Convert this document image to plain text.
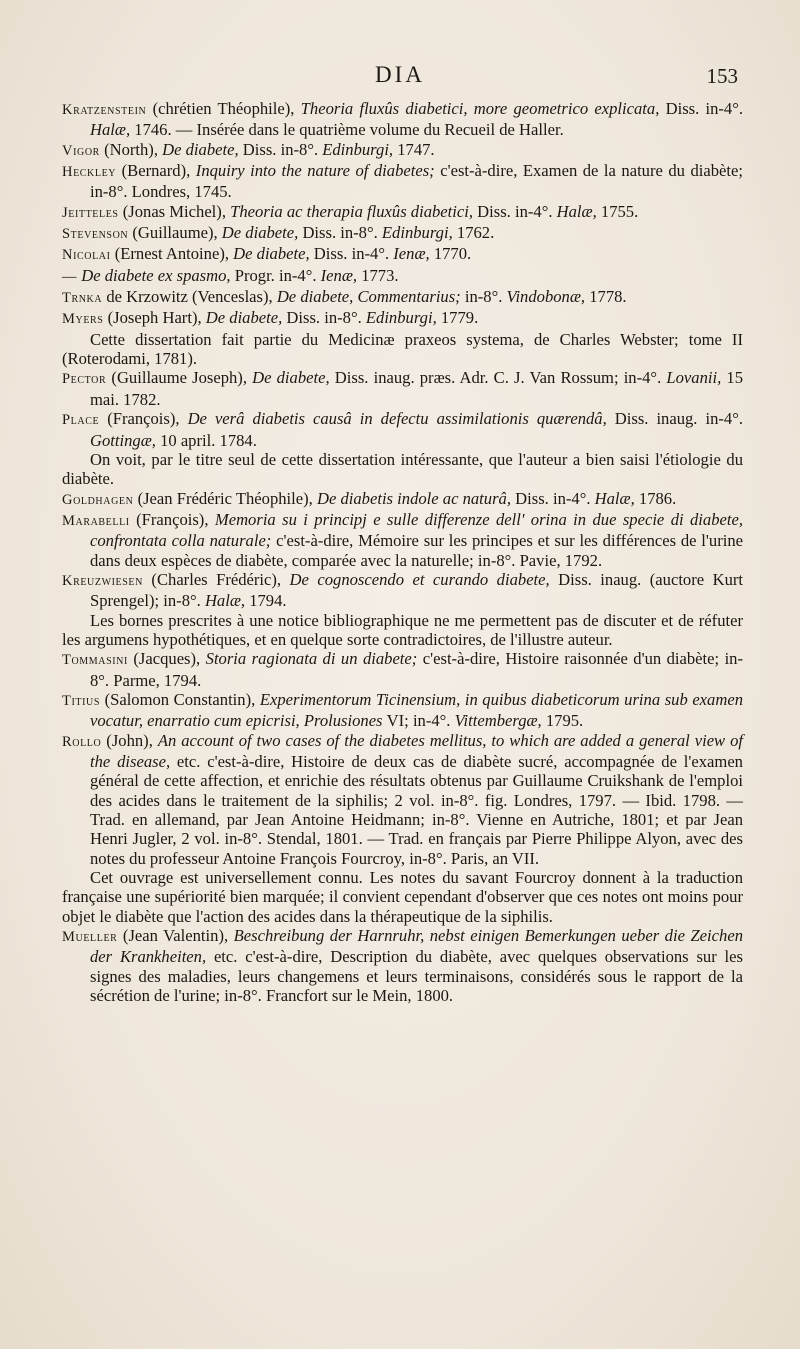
DIA	153

Kratzenstein (chrétien Théophile), Theoria fluxûs diabetici, more geometrico explicata, Diss. in-4°. Halæ, 1746. — Insérée dans le quatrième volume du Recueil de Haller.

Vigor (North), De diabete, Diss. in-8°. Edinburgi, 1747.

Heckley (Bernard), Inquiry into the nature of diabetes; c'est-à-dire, Examen de la nature du diabète; in-8°. Londres, 1745.

Jeitteles (Jonas Michel), Theoria ac therapia fluxûs diabetici, Diss. in-4°. Halæ, 1755.

Stevenson (Guillaume), De diabete, Diss. in-8°. Edinburgi, 1762.

Nicolai (Ernest Antoine), De diabete, Diss. in-4°. Ienæ, 1770.

— De diabete ex spasmo, Progr. in-4°. Ienæ, 1773.

Trnka de Krzowitz (Venceslas), De diabete, Commentarius; in-8°. Vindobonæ, 1778.

Myers (Joseph Hart), De diabete, Diss. in-8°. Edinburgi, 1779.

Cette dissertation fait partie du Medicinæ praxeos systema, de Charles Webster; tome II (Roterodami, 1781).

Pector (Guillaume Joseph), De diabete, Diss. inaug. præs. Adr. C. J. Van Rossum; in-4°. Lovanii, 15 mai. 1782.

Place (François), De verâ diabetis causâ in defectu assimilationis quærendâ, Diss. inaug. in-4°. Gottingæ, 10 april. 1784.

On voit, par le titre seul de cette dissertation intéressante, que l'auteur a bien saisi l'étiologie du diabète.

Goldhagen (Jean Frédéric Théophile), De diabetis indole ac naturâ, Diss. in-4°. Halæ, 1786.

Marabelli (François), Memoria su i principj e sulle differenze dell' orina in due specie di diabete, confrontata colla naturale; c'est-à-dire, Mémoire sur les principes et sur les différences de l'urine dans deux espèces de diabète, comparée avec la naturelle; in-8°. Pavie, 1792.

Kreuzwiesen (Charles Frédéric), De cognoscendo et curando diabete, Diss. inaug. (auctore Kurt Sprengel); in-8°. Halæ, 1794.

Les bornes prescrites à une notice bibliographique ne me permettent pas de discuter et de réfuter les argumens hypothétiques, et en quelque sorte contradictoires, de l'illustre auteur.

Tommasini (Jacques), Storia ragionata di un diabete; c'est-à-dire, Histoire raisonnée d'un diabète; in-8°. Parme, 1794.

Titius (Salomon Constantin), Experimentorum Ticinensium, in quibus diabeticorum urina sub examen vocatur, enarratio cum epicrisi, Prolusiones VI; in-4°. Vittembergæ, 1795.

Rollo (John), An account of two cases of the diabetes mellitus, to which are added a general view of the disease, etc. c'est-à-dire, Histoire de deux cas de diabète sucré, accompagnée de l'examen général de cette affection, et enrichie des résultats obtenus par Guillaume Cruikshank de l'emploi des acides dans le traitement de la siphilis; 2 vol. in-8°. fig. Londres, 1797. — Ibid. 1798. — Trad. en allemand, par Jean Antoine Heidmann; in-8°. Vienne en Autriche, 1801; et par Jean Henri Jugler, 2 vol. in-8°. Stendal, 1801. — Trad. en français par Pierre Philippe Alyon, avec des notes du professeur Antoine François Fourcroy, in-8°. Paris, an VII.

Cet ouvrage est universellement connu. Les notes du savant Fourcroy donnent à la traduction française une supériorité bien marquée; il convient cependant d'observer que ces notes ont moins pour objet le diabète que l'action des acides dans la thérapeutique de la siphilis.

Mueller (Jean Valentin), Beschreibung der Harnruhr, nebst einigen Bemerkungen ueber die Zeichen der Krankheiten, etc. c'est-à-dire, Description du diabète, avec quelques observations sur les signes des maladies, leurs changemens et leurs terminaisons, considérés sous le rapport de la sécrétion de l'urine; in-8°. Francfort sur le Mein, 1800.
